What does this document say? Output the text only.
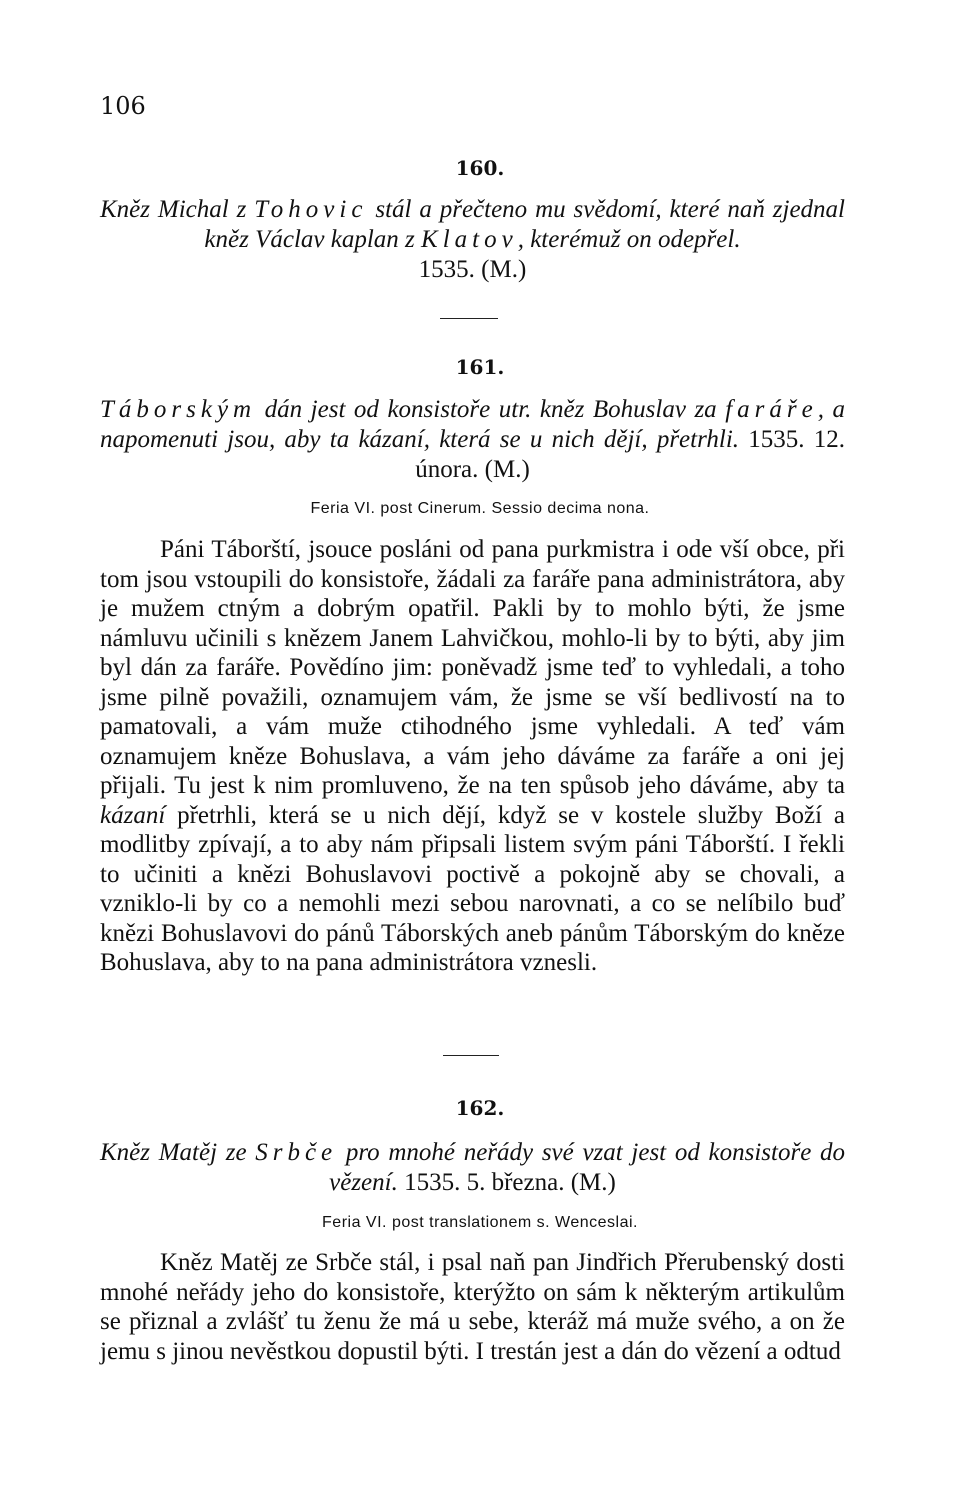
106
160.
Kněz Michal z Tohovic stál a přečteno mu svědomí, které naň zjednal kněz Václav kaplan z Klatov, kterémuž on odepřel.
1535. (M.)
161.
Táborským dán jest od konsistoře utr. kněz Bohuslav za faráře, a napomenuti jsou, aby ta kázaní, která se u nich dějí, přetrhli. 1535. 12. února. (M.)
Feria VI. post Cinerum. Sessio decima nona.
Páni Táborští, jsouce posláni od pana purkmistra i ode vší obce, při tom jsou vstoupili do konsistoře, žádali za faráře pana administrátora, aby je mužem ctným a dobrým opatřil. Pakli by to mohlo býti, že jsme námluvu učinili s knězem Janem Lahvičkou, mohlo-li by to býti, aby jim byl dán za faráře. Povědíno jim: poněvadž jsme teď to vyhledali, a toho jsme pilně považili, oznamujem vám, že jsme se vší bedlivostí na to pamatovali, a vám muže ctihodného jsme vyhledali. A teď vám oznamujem kněze Bohuslava, a vám jeho dáváme za faráře a oni jej přijali. Tu jest k nim promluveno, že na ten spůsob jeho dáváme, aby ta kázaní přetrhli, která se u nich dějí, když se v kostele služby Boží a modlitby zpívají, a to aby nám připsali listem svým páni Táborští. I řekli to učiniti a knězi Bohuslavovi poctivě a pokojně aby se chovali, a vzniklo-li by co a nemohli mezi sebou narovnati, a co se nelíbilo buď knězi Bohuslavovi do pánů Táborských aneb pánům Táborským do kněze Bohuslava, aby to na pana administrátora vznesli.
162.
Kněz Matěj ze Srbče pro mnohé neřády své vzat jest od konsistoře do vězení. 1535. 5. března. (M.)
Feria VI. post translationem s. Wenceslai.
Kněz Matěj ze Srbče stál, i psal naň pan Jindřich Přerubenský dosti mnohé neřády jeho do konsistoře, kterýžto on sám k některým artikulům se přiznal a zvlášť tu ženu že má u sebe, kteráž má muže svého, a on že jemu s jinou nevěstkou dopustil býti. I trestán jest a dán do vězení a odtud
